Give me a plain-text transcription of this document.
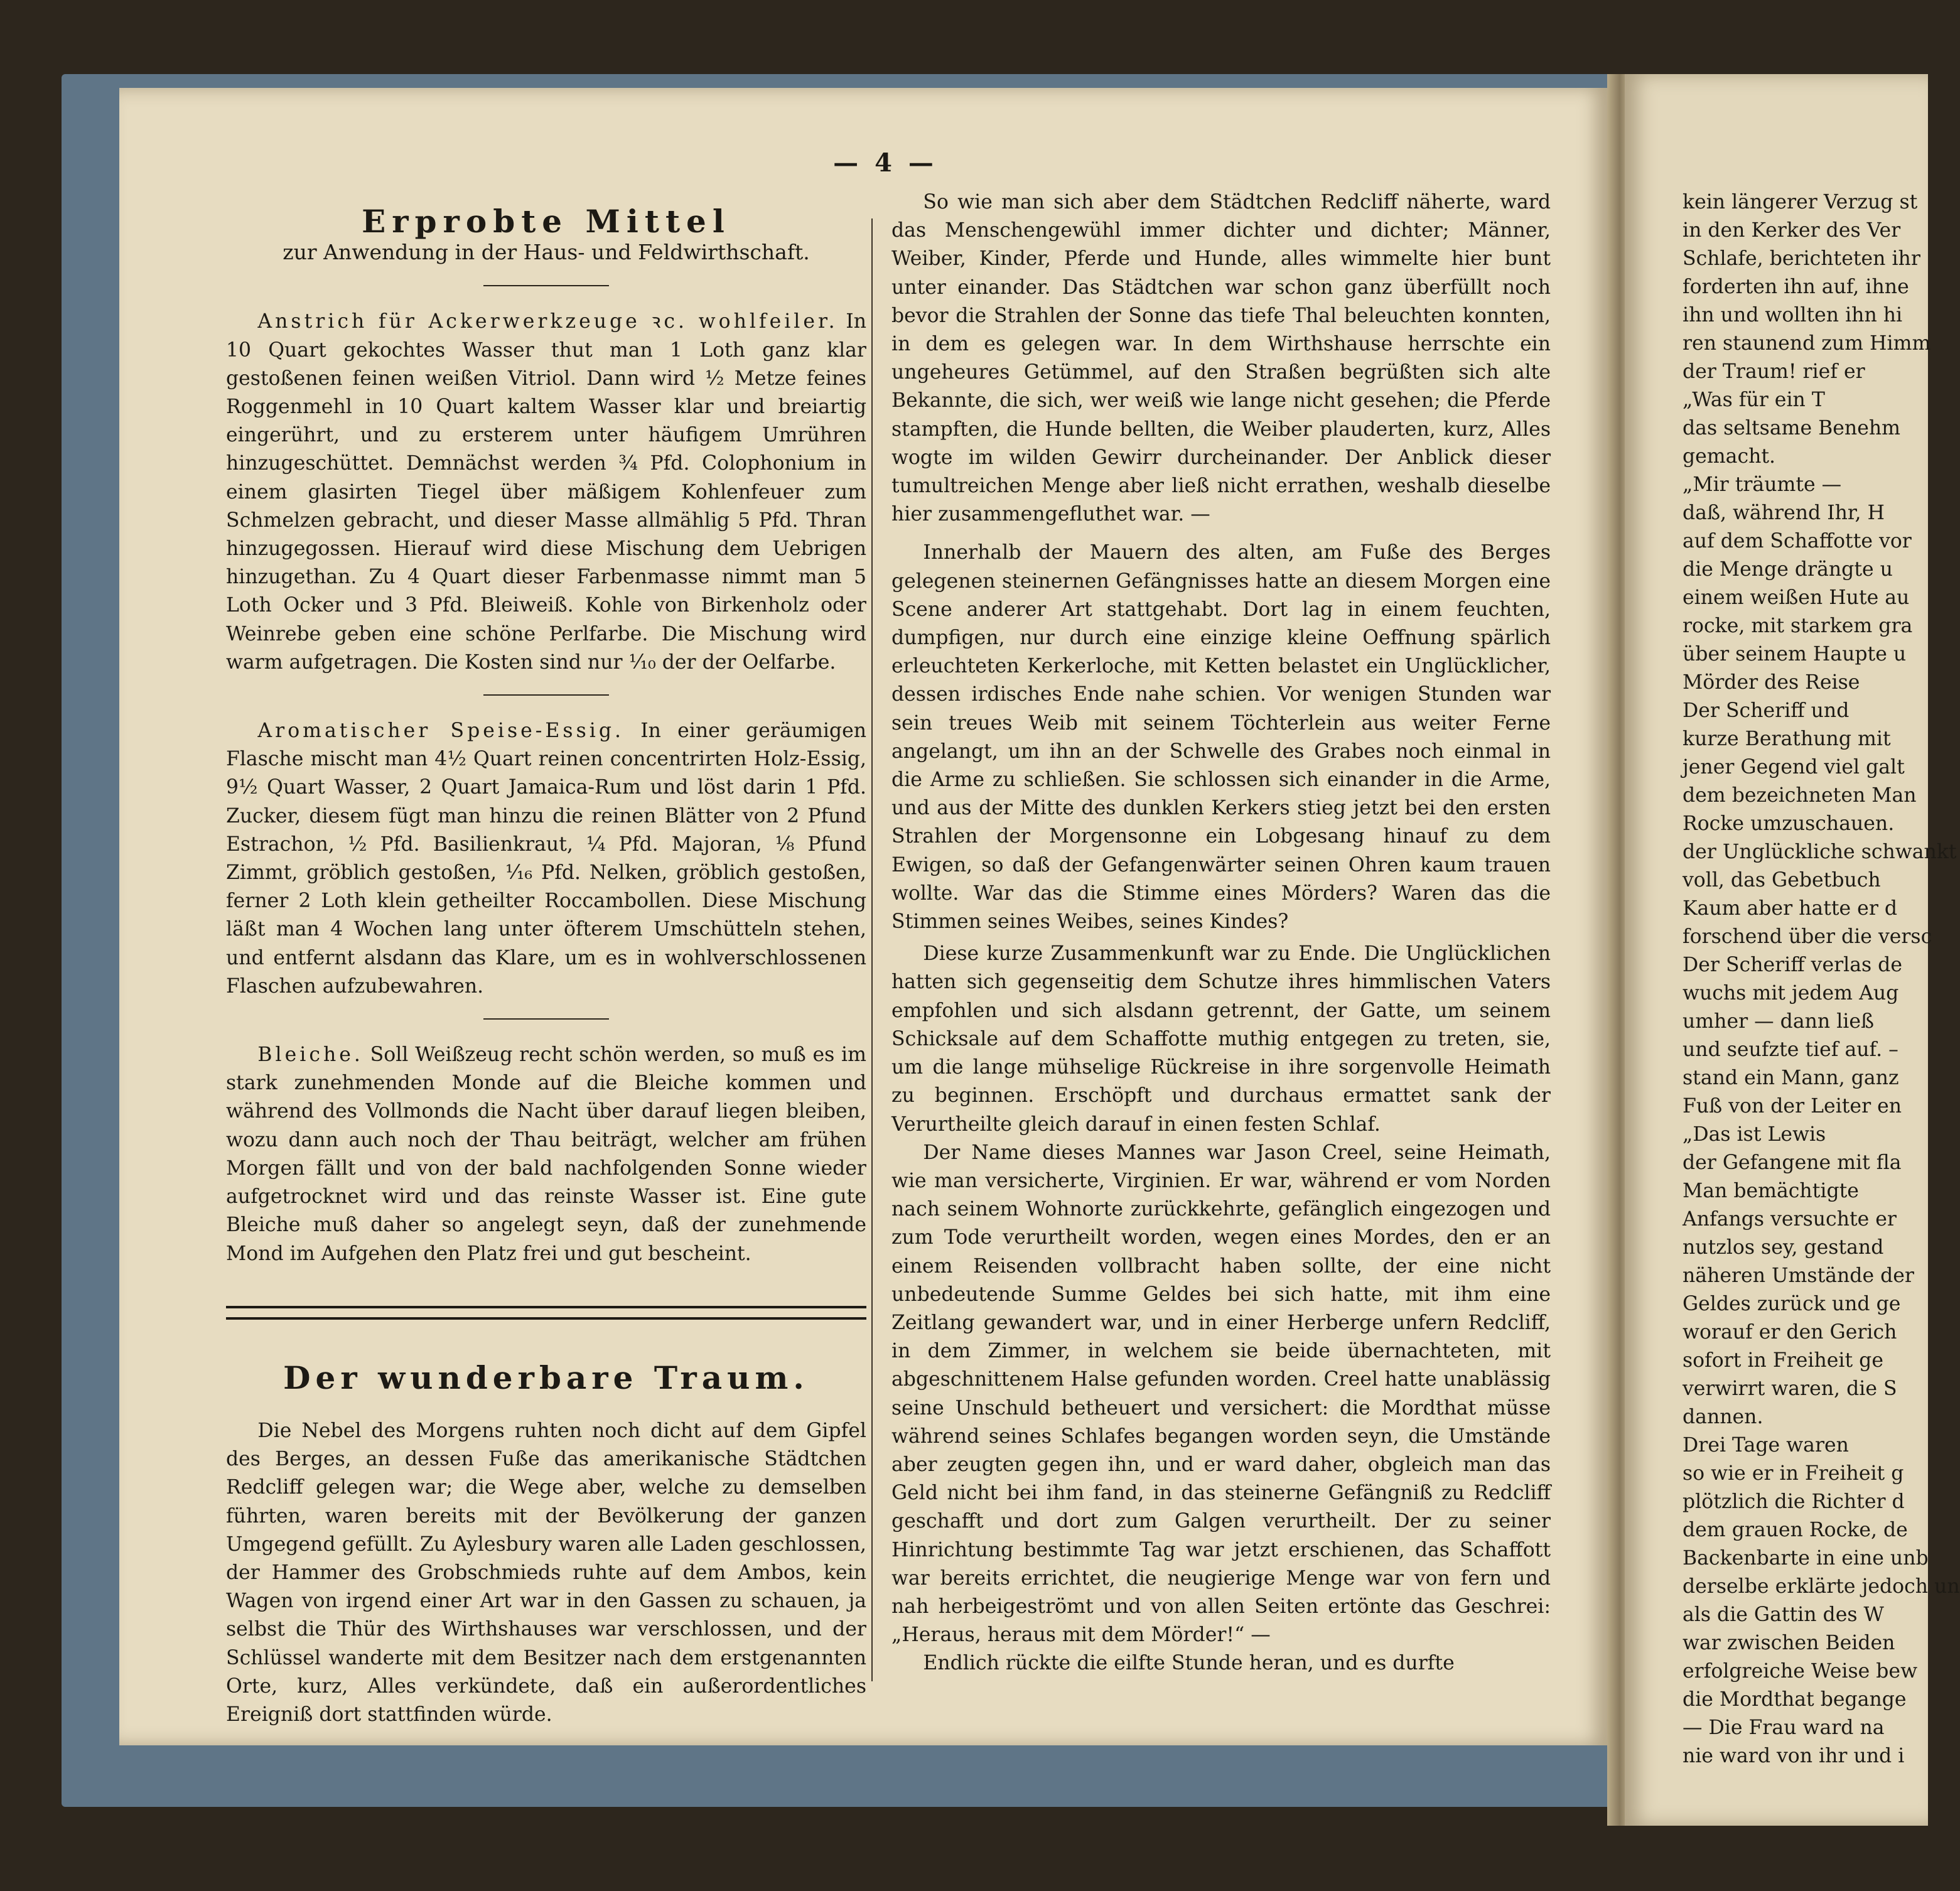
— 4 —
Erprobte Mittel
zur Anwendung in der Haus- und Feldwirthschaft.

Anstrich für Ackerwerkzeuge ꝛc. wohlfeiler. In 10 Quart gekochtes Wasser thut man 1 Loth ganz klar gestoßenen feinen weißen Vitriol. Dann wird ½ Metze feines Roggenmehl in 10 Quart kaltem Wasser klar und breiartig eingerührt, und zu ersterem unter häufigem Umrühren hinzugeschüttet. Demnächst werden ¾ Pfd. Colophonium in einem glasirten Tiegel über mäßigem Kohlenfeuer zum Schmelzen gebracht, und dieser Masse allmählig 5 Pfd. Thran hinzugegossen. Hierauf wird diese Mischung dem Uebrigen hinzugethan. Zu 4 Quart dieser Farbenmasse nimmt man 5 Loth Ocker und 3 Pfd. Bleiweiß. Kohle von Birkenholz oder Weinrebe geben eine schöne Perlfarbe. Die Mischung wird warm aufgetragen. Die Kosten sind nur ¹⁄₁₀ der der Oelfarbe.

Aromatischer Speise-Essig. In einer geräumigen Flasche mischt man 4½ Quart reinen concentrirten Holz-Essig, 9½ Quart Wasser, 2 Quart Jamaica-Rum und löst darin 1 Pfd. Zucker, diesem fügt man hinzu die reinen Blätter von 2 Pfund Estrachon, ½ Pfd. Basilienkraut, ¼ Pfd. Majoran, ⅛ Pfund Zimmt, gröblich gestoßen, ¹⁄₁₆ Pfd. Nelken, gröblich gestoßen, ferner 2 Loth klein getheilter Roccambollen. Diese Mischung läßt man 4 Wochen lang unter öfterem Umschütteln stehen, und entfernt alsdann das Klare, um es in wohlverschlossenen Flaschen aufzubewahren.

Bleiche. Soll Weißzeug recht schön werden, so muß es im stark zunehmenden Monde auf die Bleiche kommen und während des Vollmonds die Nacht über darauf liegen bleiben, wozu dann auch noch der Thau beiträgt, welcher am frühen Morgen fällt und von der bald nachfolgenden Sonne wieder aufgetrocknet wird und das reinste Wasser ist. Eine gute Bleiche muß daher so angelegt seyn, daß der zunehmende Mond im Aufgehen den Platz frei und gut bescheint.

Der wunderbare Traum.

Die Nebel des Morgens ruhten noch dicht auf dem Gipfel des Berges, an dessen Fuße das amerikanische Städtchen Redcliff gelegen war; die Wege aber, welche zu demselben führten, waren bereits mit der Bevölkerung der ganzen Umgegend gefüllt. Zu Aylesbury waren alle Laden geschlossen, der Hammer des Grobschmieds ruhte auf dem Ambos, kein Wagen von irgend einer Art war in den Gassen zu schauen, ja selbst die Thür des Wirthshauses war verschlossen, und der Schlüssel wanderte mit dem Besitzer nach dem erstgenannten Orte, kurz, Alles verkündete, daß ein außerordentliches Ereigniß dort stattfinden würde.

So wie man sich aber dem Städtchen Redcliff näherte, ward das Menschengewühl immer dichter und dichter; Männer, Weiber, Kinder, Pferde und Hunde, alles wimmelte hier bunt unter einander. Das Städtchen war schon ganz überfüllt noch bevor die Strahlen der Sonne das tiefe Thal beleuchten konnten, in dem es gelegen war. In dem Wirthshause herrschte ein ungeheures Getümmel, auf den Straßen begrüßten sich alte Bekannte, die sich, wer weiß wie lange nicht gesehen; die Pferde stampften, die Hunde bellten, die Weiber plauderten, kurz, Alles wogte im wilden Gewirr durcheinander. Der Anblick dieser tumultreichen Menge aber ließ nicht errathen, weshalb dieselbe hier zusammengefluthet war. —

Innerhalb der Mauern des alten, am Fuße des Berges gelegenen steinernen Gefängnisses hatte an diesem Morgen eine Scene anderer Art stattgehabt. Dort lag in einem feuchten, dumpfigen, nur durch eine einzige kleine Oeffnung spärlich erleuchteten Kerkerloche, mit Ketten belastet ein Unglücklicher, dessen irdisches Ende nahe schien. Vor wenigen Stunden war sein treues Weib mit seinem Töchterlein aus weiter Ferne angelangt, um ihn an der Schwelle des Grabes noch einmal in die Arme zu schließen. Sie schlossen sich einander in die Arme, und aus der Mitte des dunklen Kerkers stieg jetzt bei den ersten Strahlen der Morgensonne ein Lobgesang hinauf zu dem Ewigen, so daß der Gefangenwärter seinen Ohren kaum trauen wollte. War das die Stimme eines Mörders? Waren das die Stimmen seines Weibes, seines Kindes?

Diese kurze Zusammenkunft war zu Ende. Die Unglücklichen hatten sich gegenseitig dem Schutze ihres himmlischen Vaters empfohlen und sich alsdann getrennt, der Gatte, um seinem Schicksale auf dem Schaffotte muthig entgegen zu treten, sie, um die lange mühselige Rückreise in ihre sorgenvolle Heimath zu beginnen. Erschöpft und durchaus ermattet sank der Verurtheilte gleich darauf in einen festen Schlaf.

Der Name dieses Mannes war Jason Creel, seine Heimath, wie man versicherte, Virginien. Er war, während er vom Norden nach seinem Wohnorte zurückkehrte, gefänglich eingezogen und zum Tode verurtheilt worden, wegen eines Mordes, den er an einem Reisenden vollbracht haben sollte, der eine nicht unbedeutende Summe Geldes bei sich hatte, mit ihm eine Zeitlang gewandert war, und in einer Herberge unfern Redcliff, in dem Zimmer, in welchem sie beide übernachteten, mit abgeschnittenem Halse gefunden worden. Creel hatte unablässig seine Unschuld betheuert und versichert: die Mordthat müsse während seines Schlafes begangen worden seyn, die Umstände aber zeugten gegen ihn, und er ward daher, obgleich man das Geld nicht bei ihm fand, in das steinerne Gefängniß zu Redcliff geschafft und dort zum Galgen verurtheilt. Der zu seiner Hinrichtung bestimmte Tag war jetzt erschienen, das Schaffott war bereits errichtet, die neugierige Menge war von fern und nah herbeigeströmt und von allen Seiten ertönte das Geschrei: „Heraus, heraus mit dem Mörder!“ —

Endlich rückte die eilfte Stunde heran, und es durfte

kein längerer Verzug st
in den Kerker des Ver
Schlafe, berichteten ihr
forderten ihn auf, ihne
ihn und wollten ihn hi
ren staunend zum Himm
der Traum! rief er
„Was für ein T
das seltsame Benehm
gemacht.
„Mir träumte —
daß, während Ihr, H
auf dem Schaffotte vor
die Menge drängte u
einem weißen Hute au
rocke, mit starkem gra
über seinem Haupte u
Mörder des Reise
Der Scheriff und
kurze Berathung mit
jener Gegend viel galt
dem bezeichneten Man
Rocke umzuschauen.
der Unglückliche schwankt
voll, das Gebetbuch
Kaum aber hatte er d
forschend über die versc
Der Scheriff verlas de
wuchs mit jedem Aug
umher — dann ließ
und seufzte tief auf. –
stand ein Mann, ganz
Fuß von der Leiter en
„Das ist Lewis
der Gefangene mit fla
Man bemächtigte
Anfangs versuchte er
nutzlos sey, gestand
näheren Umstände der
Geldes zurück und ge
worauf er den Gerich
sofort in Freiheit ge
verwirrt waren, die S
dannen.
Drei Tage waren
so wie er in Freiheit g
plötzlich die Richter d
dem grauen Rocke, de
Backenbarte in eine unb
derselbe erklärte jedoch un
als die Gattin des W
war zwischen Beiden
erfolgreiche Weise bew
die Mordthat begange
— Die Frau ward na
nie ward von ihr und i
